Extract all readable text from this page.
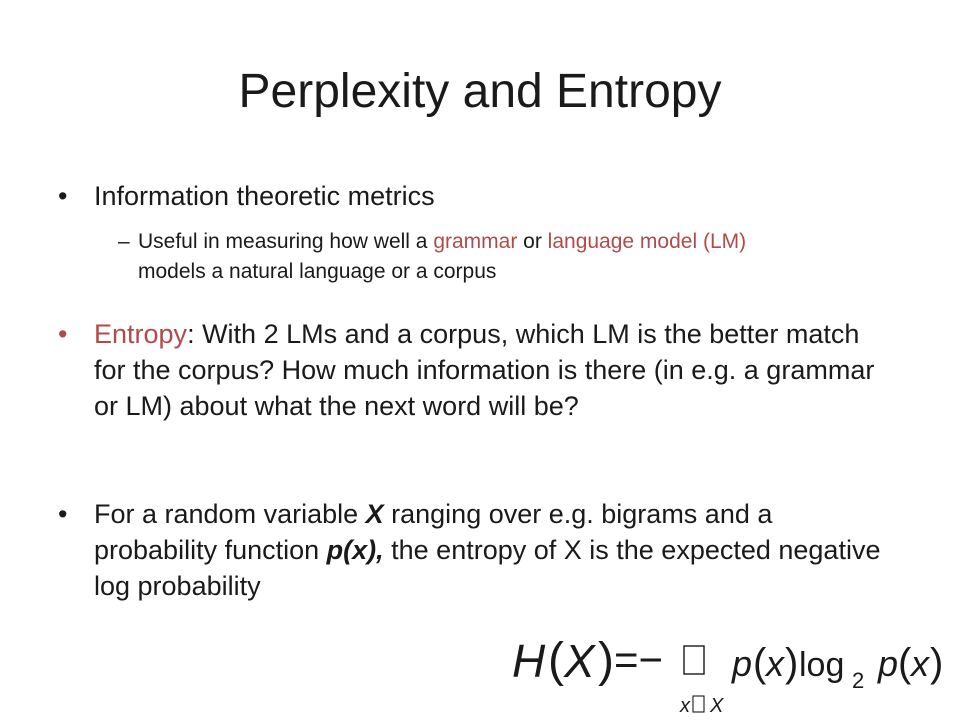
Perplexity and Entropy
• Information theoretic metrics
– Useful in measuring how well a grammar or language model (LM) models a natural language or a corpus
• Entropy: With 2 LMs and a corpus, which LM is the better match for the corpus? How much information is there (in e.g. a grammar or LM) about what the next word will be?
• For a random variable X ranging over e.g. bigrams and a probability function p(x), the entropy of X is the expected negative log probability
H ( X ) =− p ( x ) log 2 p ( x )
x X
